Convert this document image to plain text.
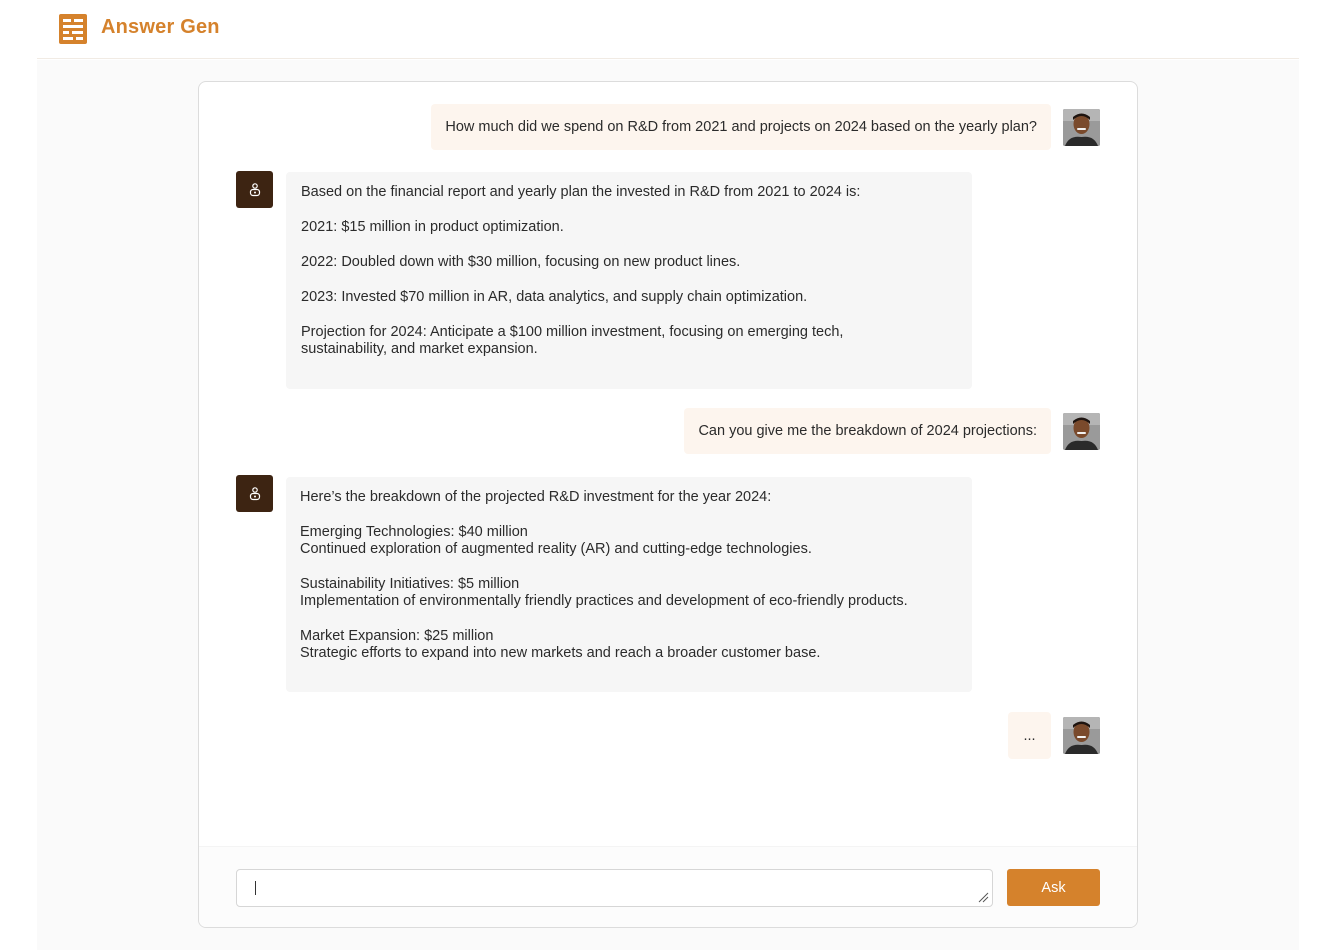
Answer Gen
How much did we spend on R&D from 2021 and projects on 2024 based on the yearly plan?

Based on the financial report and yearly plan the invested in R&D from 2021 to 2024 is:

2021: $15 million in product optimization.

2022: Doubled down with $30 million, focusing on new product lines.

2023: Invested $70 million in AR, data analytics, and supply chain optimization.

Projection for 2024: Anticipate a $100 million investment, focusing on emerging tech, sustainability, and market expansion.

Can you give me the breakdown of 2024 projections:

Here’s the breakdown of the projected R&D investment for the year 2024:

Emerging Technologies: $40 million
Continued exploration of augmented reality (AR) and cutting-edge technologies.

Sustainability Initiatives: $5 million
Implementation of environmentally friendly practices and development of eco-friendly products.

Market Expansion: $25 million
Strategic efforts to expand into new markets and reach a broader customer base.

...
Ask
